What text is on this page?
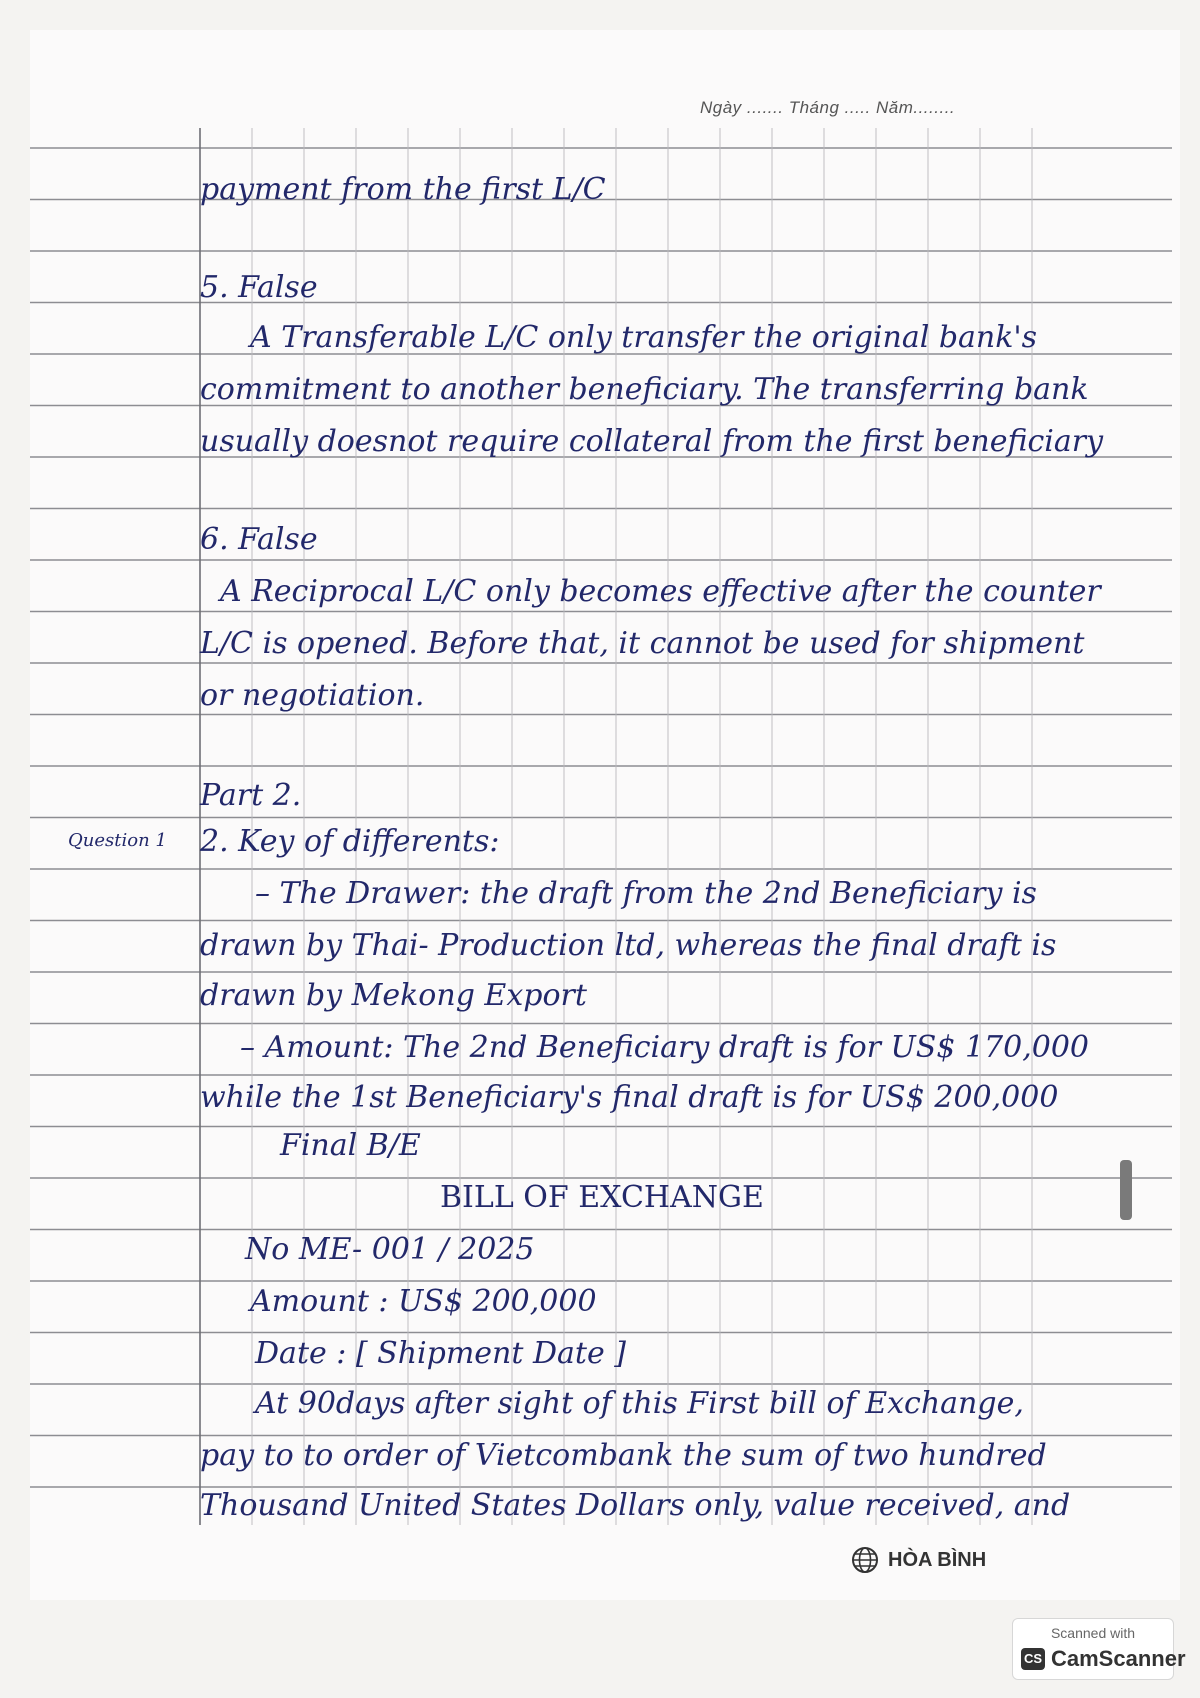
Ngày ....... Tháng ..... Năm........
payment from the first L/C
5. False
A Transferable L/C only transfer the original bank's
commitment to another beneficiary. The transferring bank
usually doesnot require collateral from the first beneficiary
6. False
A Reciprocal L/C only becomes effective after the counter
L/C is opened. Before that, it cannot be used for shipment
or negotiation.
Part 2.
Question 1 2. Key of differents:
– The Drawer: the draft from the 2nd Beneficiary is
drawn by Thai- Production ltd, whereas the final draft is
drawn by Mekong Export
– Amount: The 2nd Beneficiary draft is for US$ 170,000
while the 1st Beneficiary's final draft is for US$ 200,000
Final B/E
BILL OF EXCHANGE
No ME- 001 / 2025
Amount : US$ 200,000
Date : [ Shipment Date ]
At 90days after sight of this First bill of Exchange,
pay to to order of Vietcombank the sum of two hundred
Thousand United States Dollars only, value received, and
HÒA BÌNH
Scanned with
CS CamScanner
